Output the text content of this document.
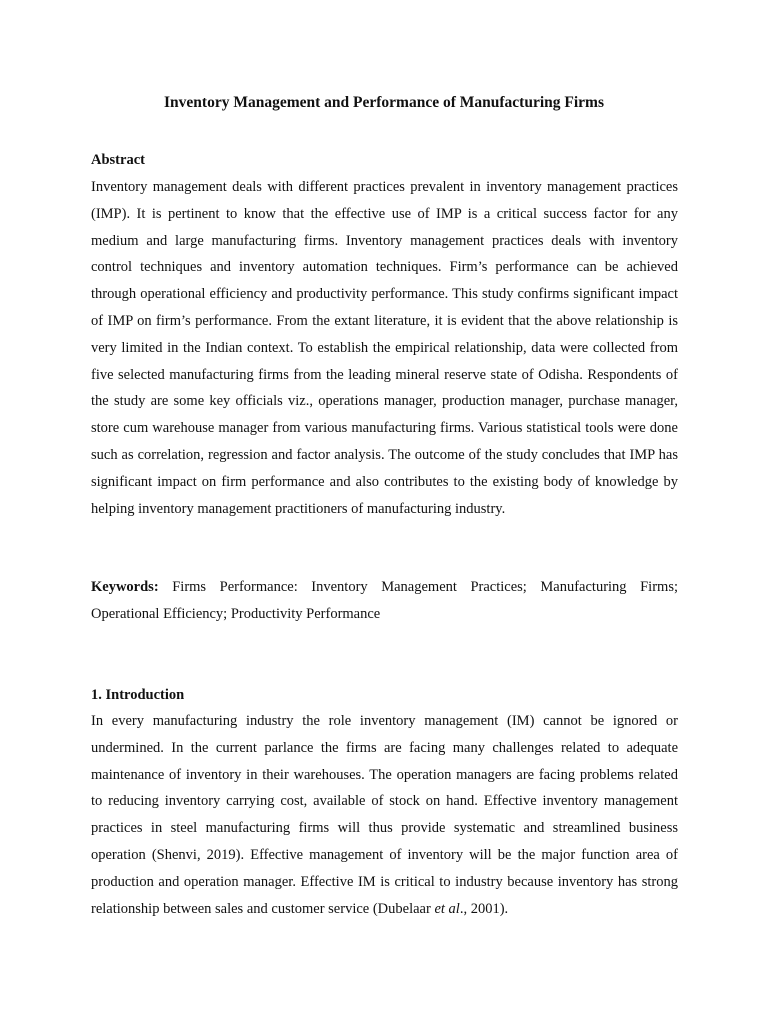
Inventory Management and Performance of Manufacturing Firms
Abstract

Inventory management deals with different practices prevalent in inventory management practices (IMP). It is pertinent to know that the effective use of IMP is a critical success factor for any medium and large manufacturing firms. Inventory management practices deals with inventory control techniques and inventory automation techniques. Firm’s performance can be achieved through operational efficiency and productivity performance. This study confirms significant impact of IMP on firm’s performance. From the extant literature, it is evident that the above relationship is very limited in the Indian context. To establish the empirical relationship, data were collected from five selected manufacturing firms from the leading mineral reserve state of Odisha. Respondents of the study are some key officials viz., operations manager, production manager, purchase manager, store cum warehouse manager from various manufacturing firms. Various statistical tools were done such as correlation, regression and factor analysis. The outcome of the study concludes that IMP has significant impact on firm performance and also contributes to the existing body of knowledge by helping inventory management practitioners of manufacturing industry.

Keywords: Firms Performance: Inventory Management Practices; Manufacturing Firms; Operational Efficiency; Productivity Performance

1. Introduction

In every manufacturing industry the role inventory management (IM) cannot be ignored or undermined. In the current parlance the firms are facing many challenges related to adequate maintenance of inventory in their warehouses. The operation managers are facing problems related to reducing inventory carrying cost, available of stock on hand. Effective inventory management practices in steel manufacturing firms will thus provide systematic and streamlined business operation (Shenvi, 2019). Effective management of inventory will be the major function area of production and operation manager. Effective IM is critical to industry because inventory has strong relationship between sales and customer service (Dubelaar et al., 2001).
